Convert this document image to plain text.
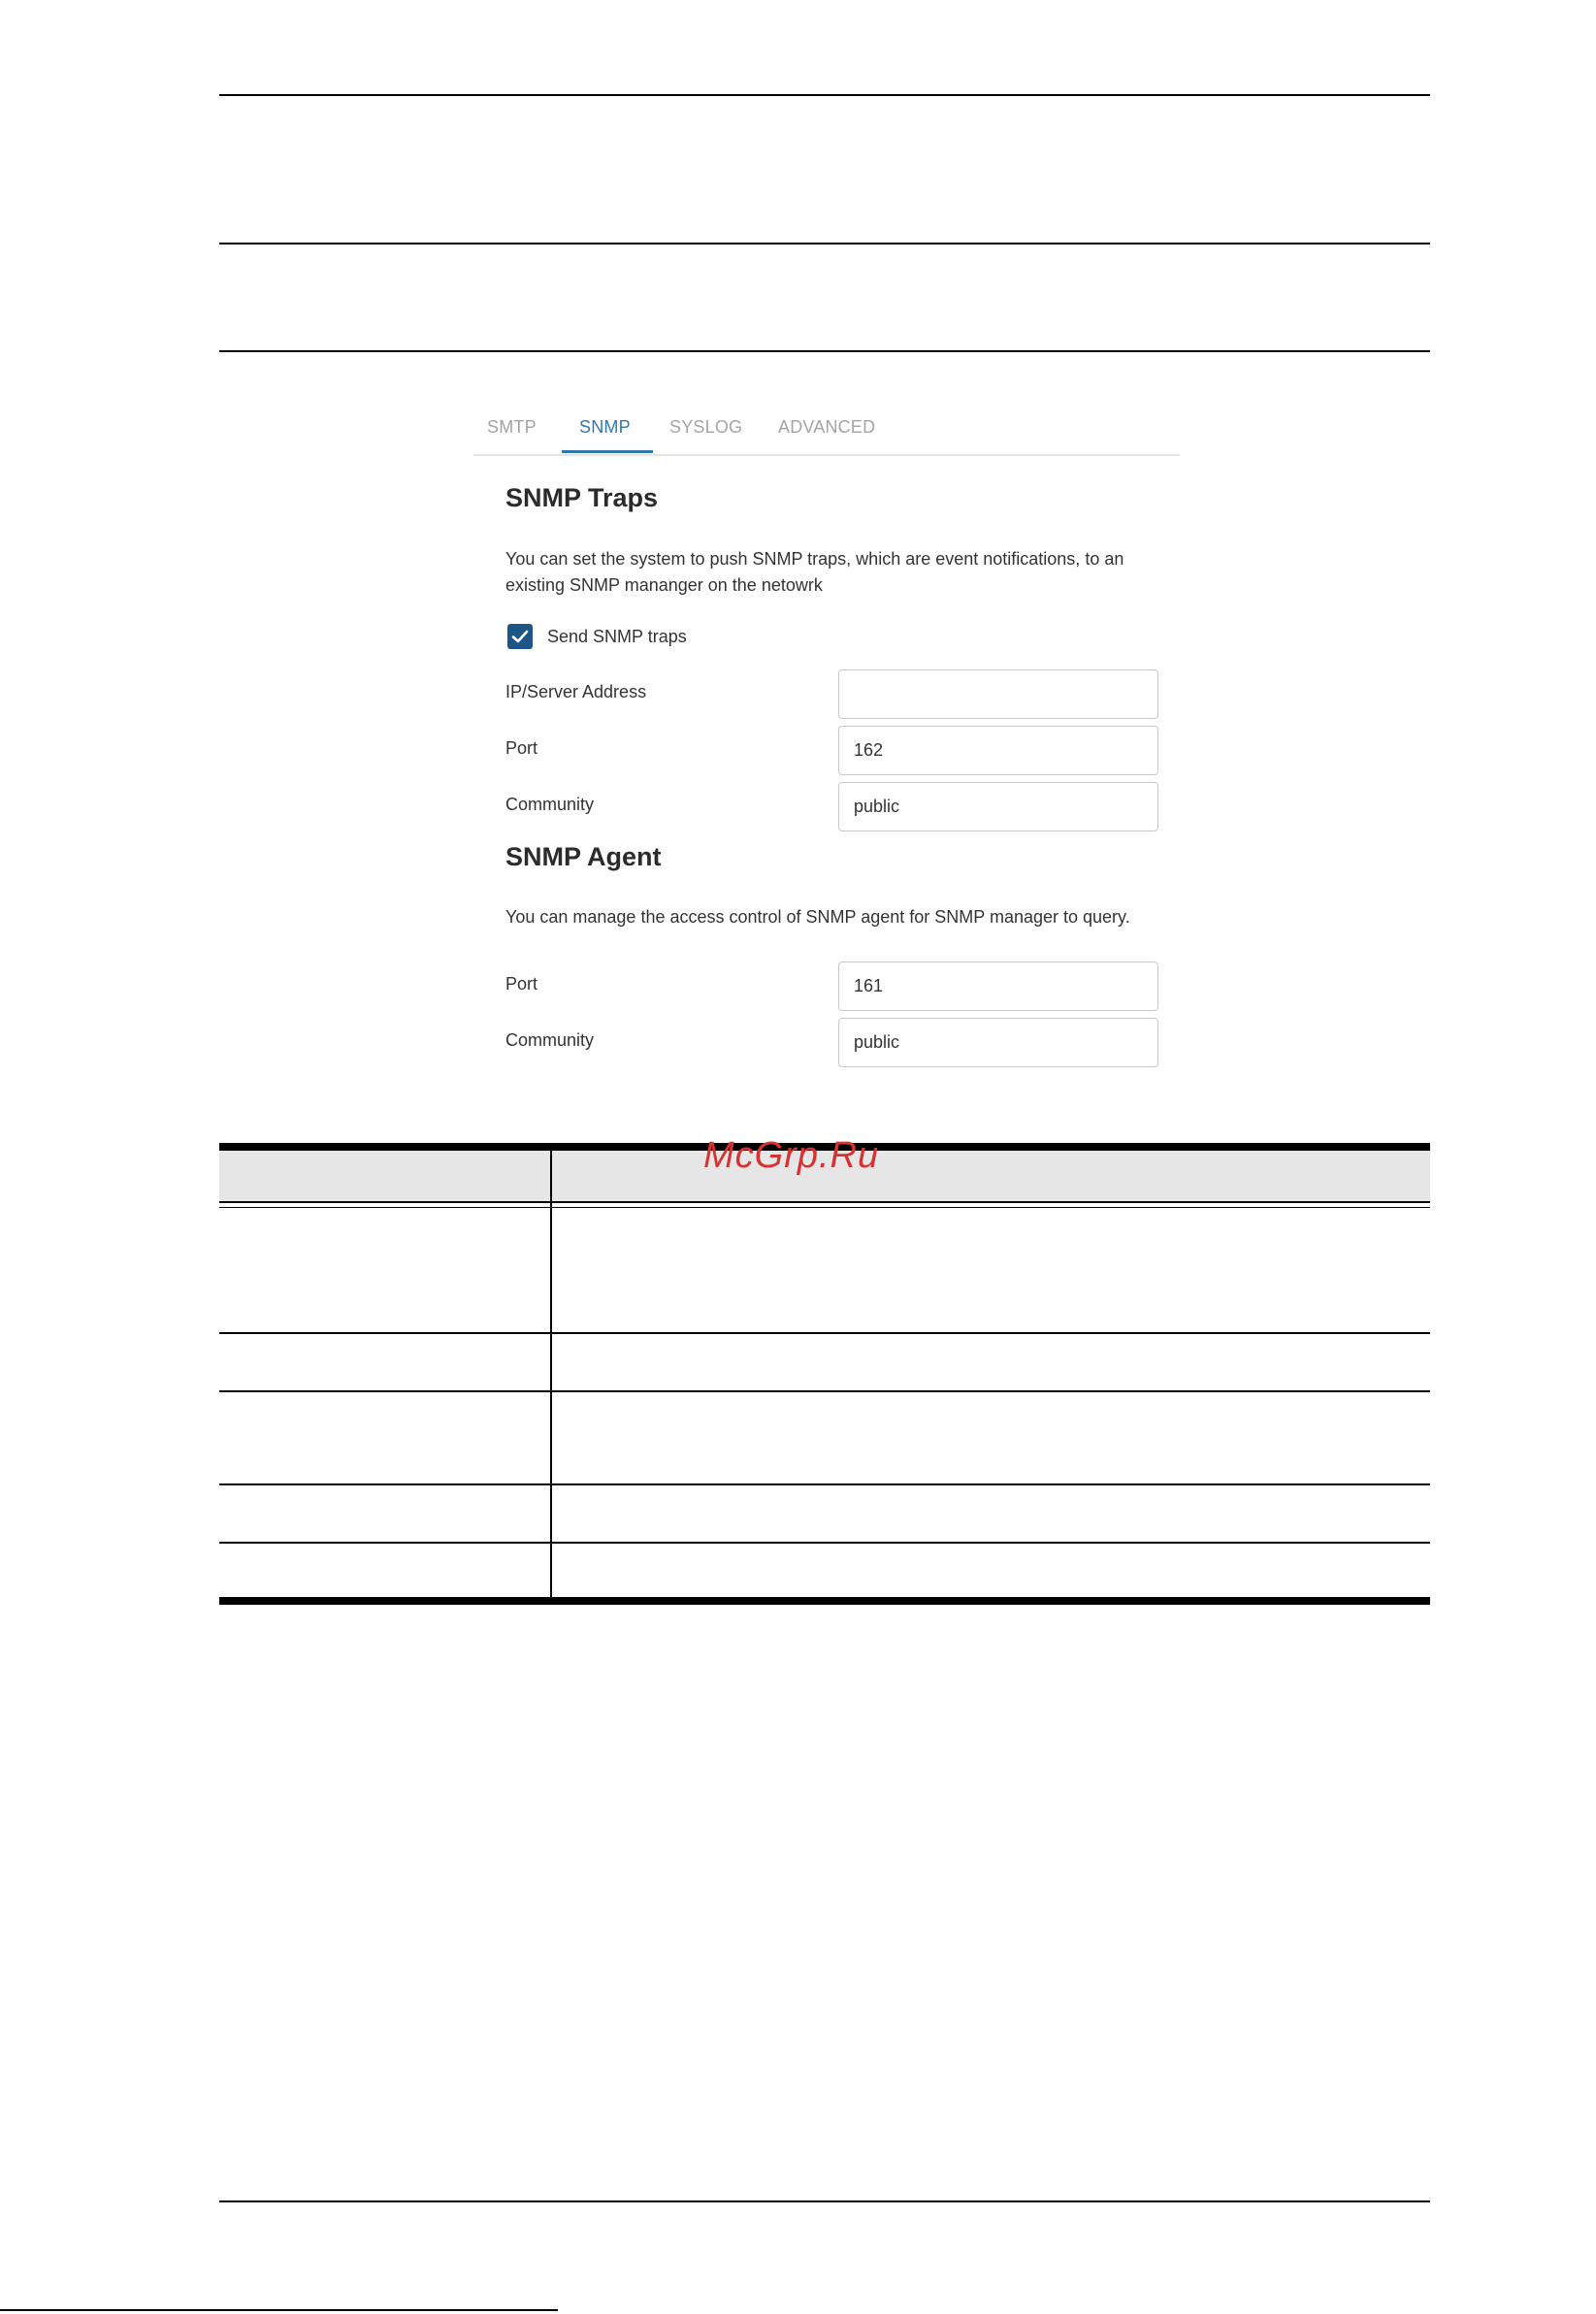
SMTP SNMP SYSLOG ADVANCED
SNMP Traps
You can set the system to push SNMP traps, which are event notifications, to an
existing SNMP mananger on the netowrk
Send SNMP traps
IP/Server Address
Port
162
Community
public
SNMP Agent
You can manage the access control of SNMP agent for SNMP manager to query.
Port
161
Community
public
McGrp.Ru
